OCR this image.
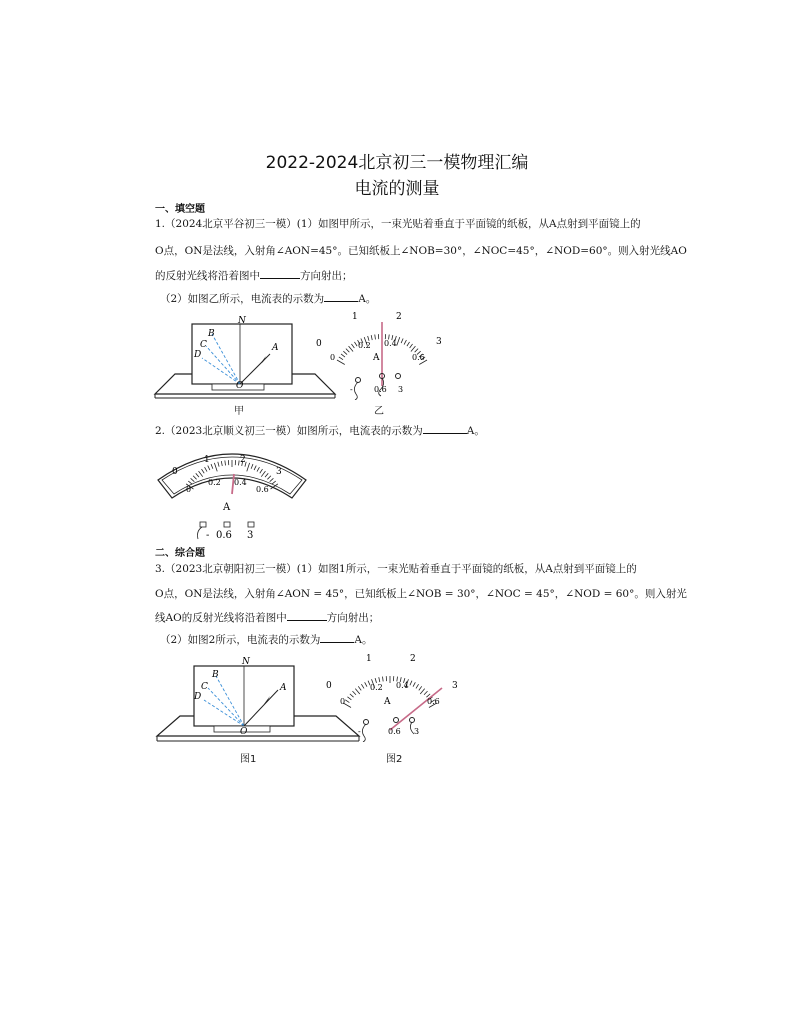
2022-2024北京初三一模物理汇编
电流的测量
一、填空题
1.（2024北京平谷初三一模）(1）如图甲所示，一束光贴着垂直于平面镜的纸板，从A点射到平面镜上的
O点，ON是法线，入射角∠AON=45°。已知纸板上∠NOB=30°，∠NOC=45°，∠NOD=60°。则入射光线AO
的反射光线将沿着图中	方向射出；
（2）如图乙所示，电流表的示数为	A。
N
B
C
D
A
O
甲
0
1	2
3
0
0.2 0.4
0.6
A
-	0.6 3
乙
2.（2023北京顺义初三一模）如图所示，电流表的示数为	A。
0
1	2
3
0
0.2 0.4
0.6
A
- 0.6 3
二、综合题
3.（2023北京朝阳初三一模）(1）如图1所示，一束光贴着垂直于平面镜的纸板，从A点射到平面镜上的
O点，ON是法线，入射角∠AON = 45°，已知纸板上∠NOB = 30°，∠NOC = 45°，∠NOD = 60°。则入射光
线AO的反射光线将沿着图中	方向射出；
（2）如图2所示，电流表的示数为	A。
N
B
C
D
A
O
图1
0
1	2
3
0
0.2 0.4
0.6
A
-	0.6 3
图2
